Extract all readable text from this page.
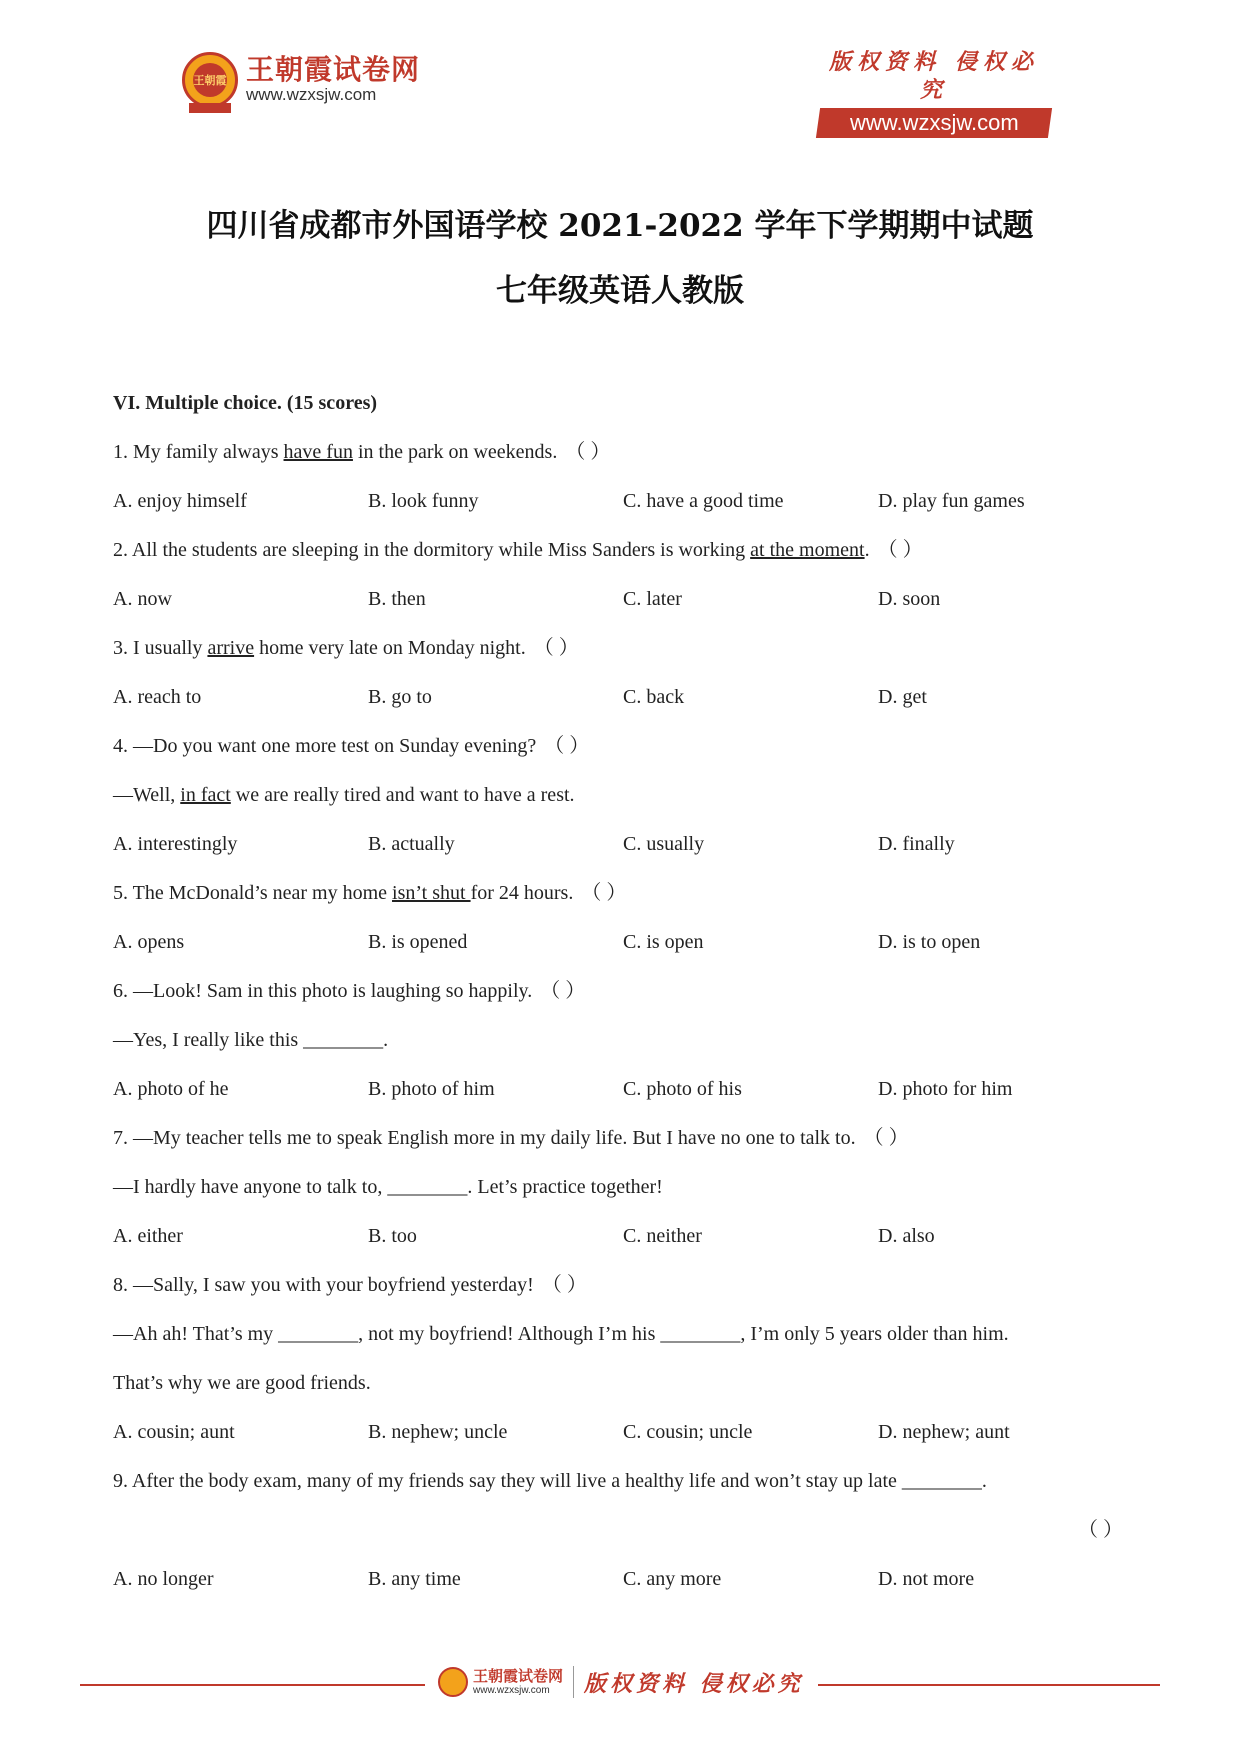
王朝霞 王朝霞试卷网
www.wzxsjw.com
版权资料 侵权必究
www.wzxsjw.com
四川省成都市外国语学校 2021-2022 学年下学期期中试题
七年级英语人教版
VI. Multiple choice. (15 scores)
1. My family always have fun in the park on weekends. （ ）
A. enjoy himself	B. look funny	C. have a good time	D. play fun games
2. All the students are sleeping in the dormitory while Miss Sanders is working at the moment. （ ）
A. now	B. then	C. later	D. soon
3. I usually arrive home very late on Monday night. （ ）
A. reach to	B. go to	C. back	D. get
4. —Do you want one more test on Sunday evening? （ ）
—Well, in fact we are really tired and want to have a rest.
A. interestingly	B. actually	C. usually	D. finally
5. The McDonald’s near my home isn’t shut for 24 hours. （ ）
A. opens	B. is opened	C. is open	D. is to open
6. —Look! Sam in this photo is laughing so happily. （ ）
—Yes, I really like this ________.
A. photo of he	B. photo of him	C. photo of his	D. photo for him
7. —My teacher tells me to speak English more in my daily life. But I have no one to talk to. （ ）
—I hardly have anyone to talk to, ________. Let’s practice together!
A. either	B. too	C. neither	D. also
8. —Sally, I saw you with your boyfriend yesterday! （ ）
—Ah ah! That’s my ________, not my boyfriend! Although I’m his ________, I’m only 5 years older than him.
That’s why we are good friends.
A. cousin; aunt	B. nephew; uncle	C. cousin; uncle	D. nephew; aunt
9. After the body exam, many of my friends say they will live a healthy life and won’t stay up late ________.
（ ）
A. no longer	B. any time	C. any more	D. not more
王朝霞试卷网
www.wzxsjw.com	版权资料 侵权必究
